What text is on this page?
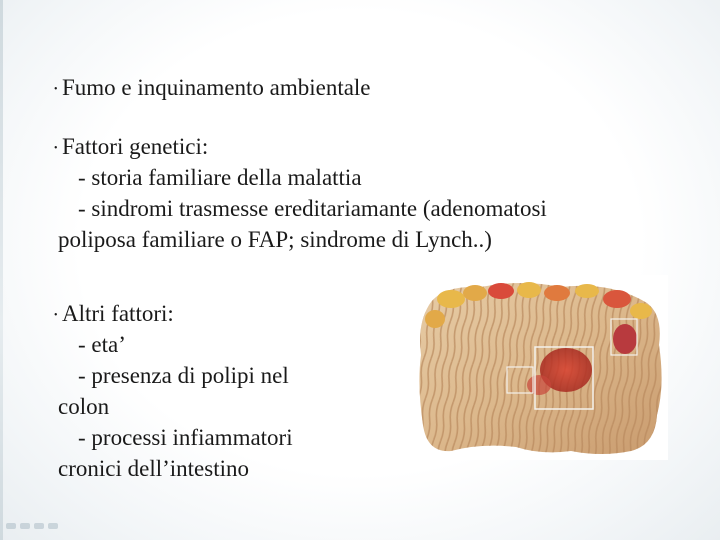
• Fumo e inquinamento ambientale
• Fattori genetici:
- storia familiare della malattia
- sindromi trasmesse ereditariamante (adenomatosi
poliposa familiare o FAP; sindrome di Lynch..)
• Altri fattori:
- eta’
- presenza di polipi nel
colon
- processi infiammatori
cronici dell’intestino
